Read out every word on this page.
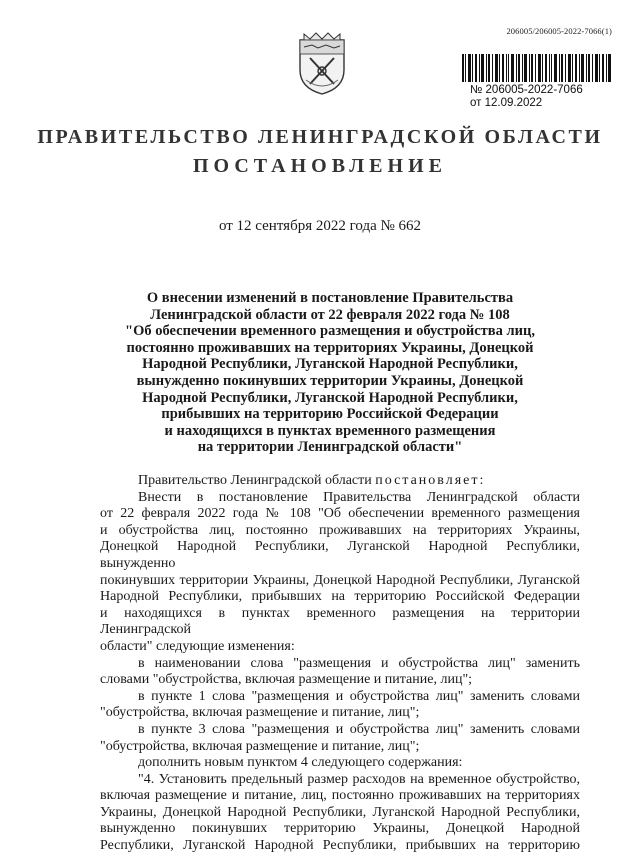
206005/206005-2022-7066(1)
№ 206005-2022-7066
от 12.09.2022
ПРАВИТЕЛЬСТВО ЛЕНИНГРАДСКОЙ ОБЛАСТИ
ПОСТАНОВЛЕНИЕ
от 12 сентября 2022 года № 662
О внесении изменений в постановление Правительства
Ленинградской области от 22 февраля 2022 года № 108
"Об обеспечении временного размещения и обустройства лиц,
постоянно проживавших на территориях Украины, Донецкой
Народной Республики, Луганской Народной Республики,
вынужденно покинувших территории Украины, Донецкой
Народной Республики, Луганской Народной Республики,
прибывших на территорию Российской Федерации
и находящихся в пунктах временного размещения
на территории Ленинградской области"
Правительство Ленинградской области постановляет:
Внести в постановление Правительства Ленинградской области
от 22 февраля 2022 года № 108 "Об обеспечении временного размещения
и обустройства лиц, постоянно проживавших на территориях Украины,
Донецкой Народной Республики, Луганской Народной Республики, вынужденно
покинувших территории Украины, Донецкой Народной Республики, Луганской
Народной Республики, прибывших на территорию Российской Федерации
и находящихся в пунктах временного размещения на территории Ленинградской
области" следующие изменения:
в наименовании слова "размещения и обустройства лиц" заменить
словами "обустройства, включая размещение и питание, лиц";
в пункте 1 слова "размещения и обустройства лиц" заменить словами
"обустройства, включая размещение и питание, лиц";
в пункте 3 слова "размещения и обустройства лиц" заменить словами
"обустройства, включая размещение и питание, лиц";
дополнить новым пунктом 4 следующего содержания:
"4. Установить предельный размер расходов на временное обустройство,
включая размещение и питание, лиц, постоянно проживавших на территориях
Украины, Донецкой Народной Республики, Луганской Народной Республики,
вынужденно покинувших территорию Украины, Донецкой Народной
Республики, Луганской Народной Республики, прибывших на территорию
